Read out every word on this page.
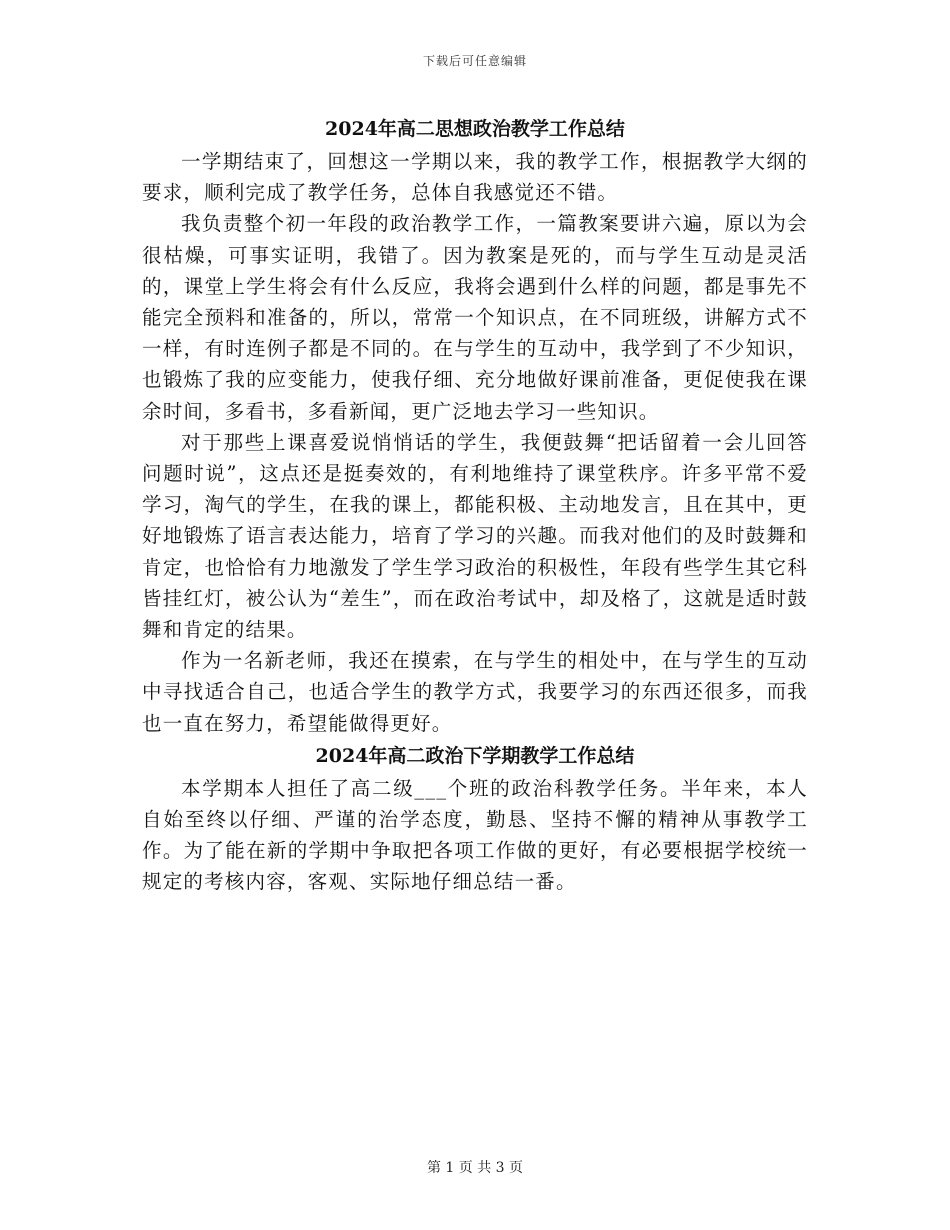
下载后可任意编辑
2024年高二思想政治教学工作总结

一学期结束了，回想这一学期以来，我的教学工作，根据教学大纲的要求，顺利完成了教学任务，总体自我感觉还不错。

我负责整个初一年段的政治教学工作，一篇教案要讲六遍，原以为会很枯燥，可事实证明，我错了。因为教案是死的，而与学生互动是灵活的，课堂上学生将会有什么反应，我将会遇到什么样的问题，都是事先不能完全预料和准备的，所以，常常一个知识点，在不同班级，讲解方式不一样，有时连例子都是不同的。在与学生的互动中，我学到了不少知识，也锻炼了我的应变能力，使我仔细、充分地做好课前准备，更促使我在课余时间，多看书，多看新闻，更广泛地去学习一些知识。

对于那些上课喜爱说悄悄话的学生，我便鼓舞“把话留着一会儿回答问题时说”，这点还是挺奏效的，有利地维持了课堂秩序。许多平常不爱学习，淘气的学生，在我的课上，都能积极、主动地发言，且在其中，更好地锻炼了语言表达能力，培育了学习的兴趣。而我对他们的及时鼓舞和肯定，也恰恰有力地激发了学生学习政治的积极性，年段有些学生其它科皆挂红灯，被公认为“差生”，而在政治考试中，却及格了，这就是适时鼓舞和肯定的结果。

作为一名新老师，我还在摸索，在与学生的相处中，在与学生的互动中寻找适合自己，也适合学生的教学方式，我要学习的东西还很多，而我也一直在努力，希望能做得更好。

2024年高二政治下学期教学工作总结

本学期本人担任了高二级___个班的政治科教学任务。半年来，本人自始至终以仔细、严谨的治学态度，勤恳、坚持不懈的精神从事教学工作。为了能在新的学期中争取把各项工作做的更好，有必要根据学校统一规定的考核内容，客观、实际地仔细总结一番。

第 1 页 共 3 页
